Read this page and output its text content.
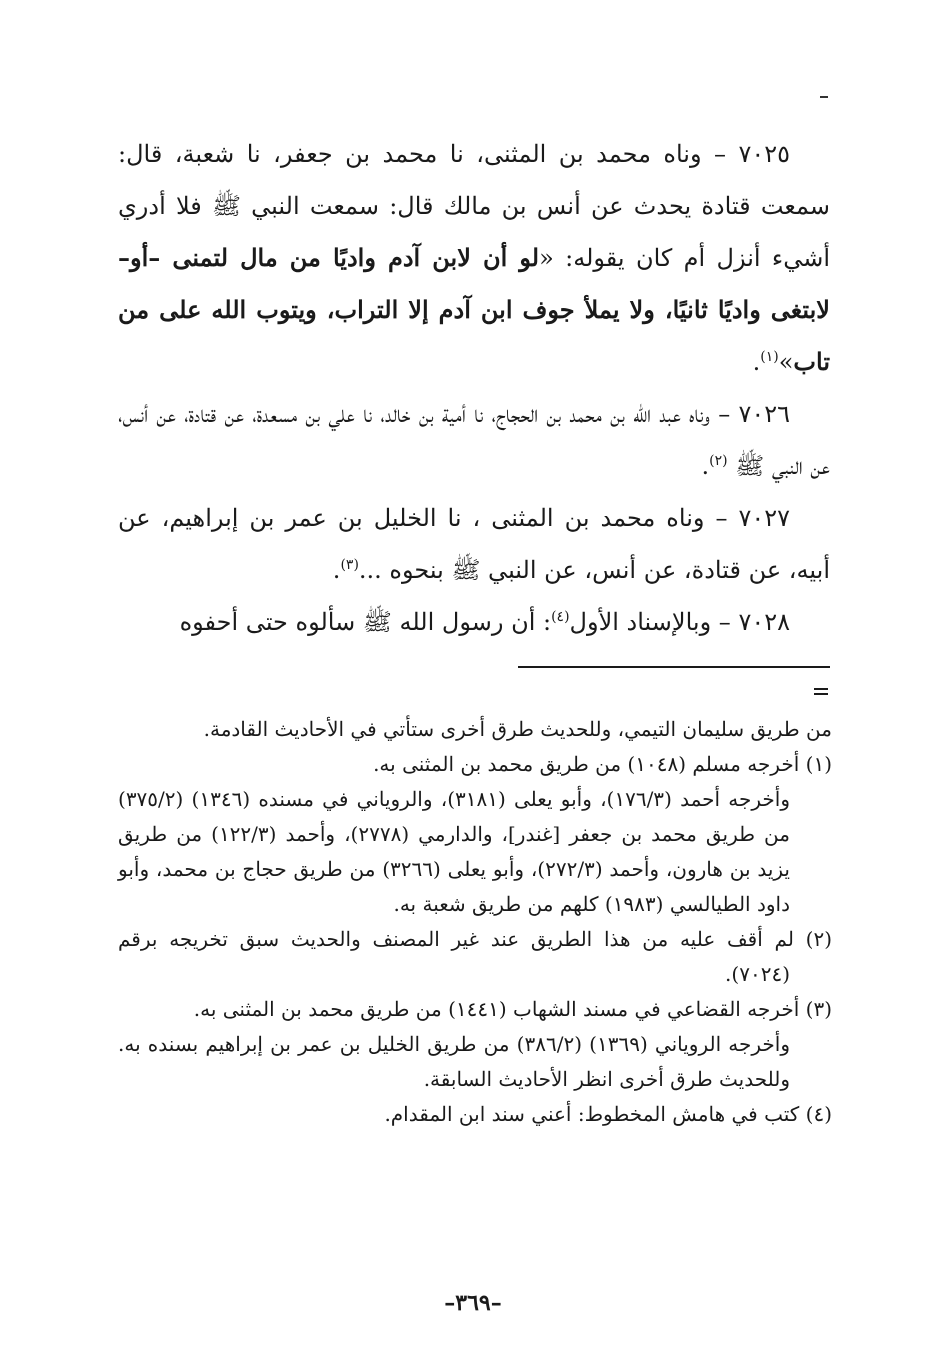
٧٠٢٥ – وناه محمد بن المثنى، نا محمد بن جعفر، نا شعبة، قال: سمعت قتادة يحدث عن أنس بن مالك قال: سمعت النبي ﷺ فلا أدري أشيء أنزل أم كان يقوله: «لو أن لابن آدم واديًا من مال لتمنى –أو– لابتغى واديًا ثانيًا، ولا يملأ جوف ابن آدم إلا التراب، ويتوب الله على من تاب»$^{(١)}$.

٧٠٢٦ – وناه عبد الله بن محمد بن الحجاج، نا أمية بن خالد، نا علي بن مسعدة، عن قتادة، عن أنس، عن النبي ﷺ $^{(٢)}$.

٧٠٢٧ – وناه محمد بن المثنى ، نا الخليل بن عمر بن إبراهيم، عن أبيه، عن قتادة، عن أنس، عن النبي ﷺ بنحوه ...$^{(٣)}$.

٧٠٢٨ – وبالإسناد الأول$^{(٤)}$: أن رسول الله ﷺ سألوه حتى أحفوه

من طريق سليمان التيمي، وللحديث طرق أخرى ستأتي في الأحاديث القادمة.

(١) أخرجه مسلم (١٠٤٨) من طريق محمد بن المثنى به.

وأخرجه أحمد (١٧٦/٣)، وأبو يعلى (٣١٨١)، والروياني في مسنده (١٣٤٦) (٣٧٥/٢) من طريق محمد بن جعفر [غندر]، والدارمي (٢٧٧٨)، وأحمد (١٢٢/٣) من طريق يزيد بن هارون، وأحمد (٢٧٢/٣)، وأبو يعلى (٣٢٦٦) من طريق حجاج بن محمد، وأبو داود الطيالسي (١٩٨٣) كلهم من طريق شعبة به.

(٢) لم أقف عليه من هذا الطريق عند غير المصنف والحديث سبق تخريجه برقم (٧٠٢٤).

(٣) أخرجه القضاعي في مسند الشهاب (١٤٤١) من طريق محمد بن المثنى به.

وأخرجه الروياني (١٣٦٩) (٣٨٦/٢) من طريق الخليل بن عمر بن إبراهيم بسنده به. وللحديث طرق أخرى انظر الأحاديث السابقة.

(٤) كتب في هامش المخطوط: أعني سند ابن المقدام.

–٣٦٩–
